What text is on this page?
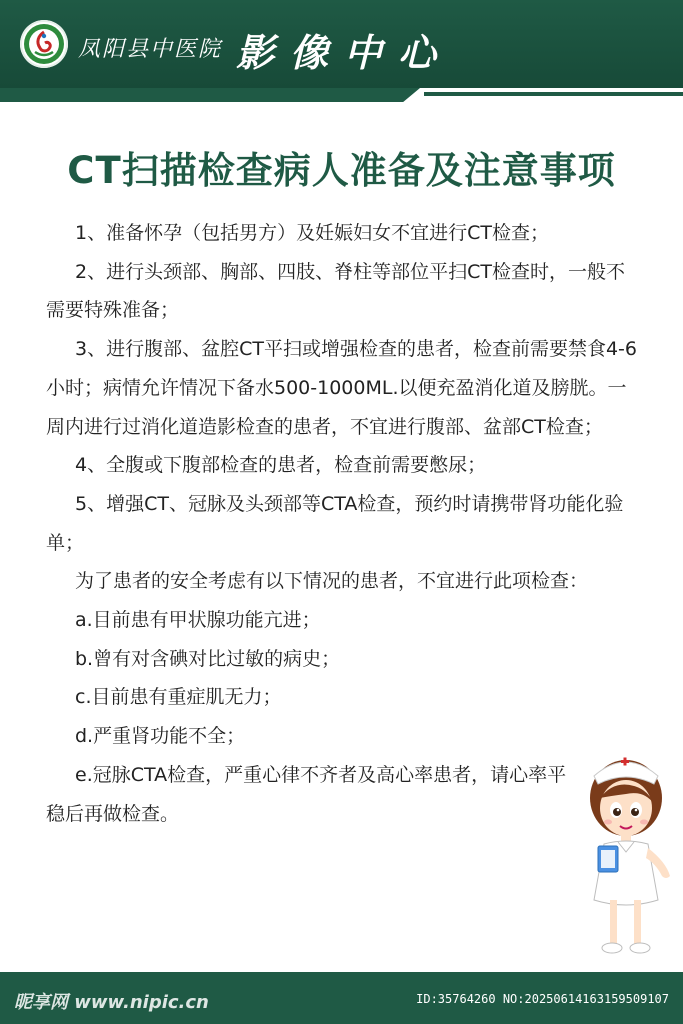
凤阳县中医院 影像中心
CT扫描检查病人准备及注意事项

1、准备怀孕（包括男方）及妊娠妇女不宜进行CT检查；

2、进行头颈部、胸部、四肢、脊柱等部位平扫CT检查时，一般不需要特殊准备；

3、进行腹部、盆腔CT平扫或增强检查的患者，检查前需要禁食4-6小时；病情允许情况下备水500-1000ML.以便充盈消化道及膀胱。一周内进行过消化道造影检查的患者，不宜进行腹部、盆部CT检查；

4、全腹或下腹部检查的患者，检查前需要憋尿；

5、增强CT、冠脉及头颈部等CTA检查，预约时请携带肾功能化验单；

为了患者的安全考虑有以下情况的患者，不宜进行此项检查：

a.目前患有甲状腺功能亢进；

b.曾有对含碘对比过敏的病史；

c.目前患有重症肌无力；

d.严重肾功能不全；

e.冠脉CTA检查，严重心律不齐者及高心率患者，请心率平稳后再做检查。

昵享网 www.nipic.cn	ID:35764260 NO:20250614163159509107
